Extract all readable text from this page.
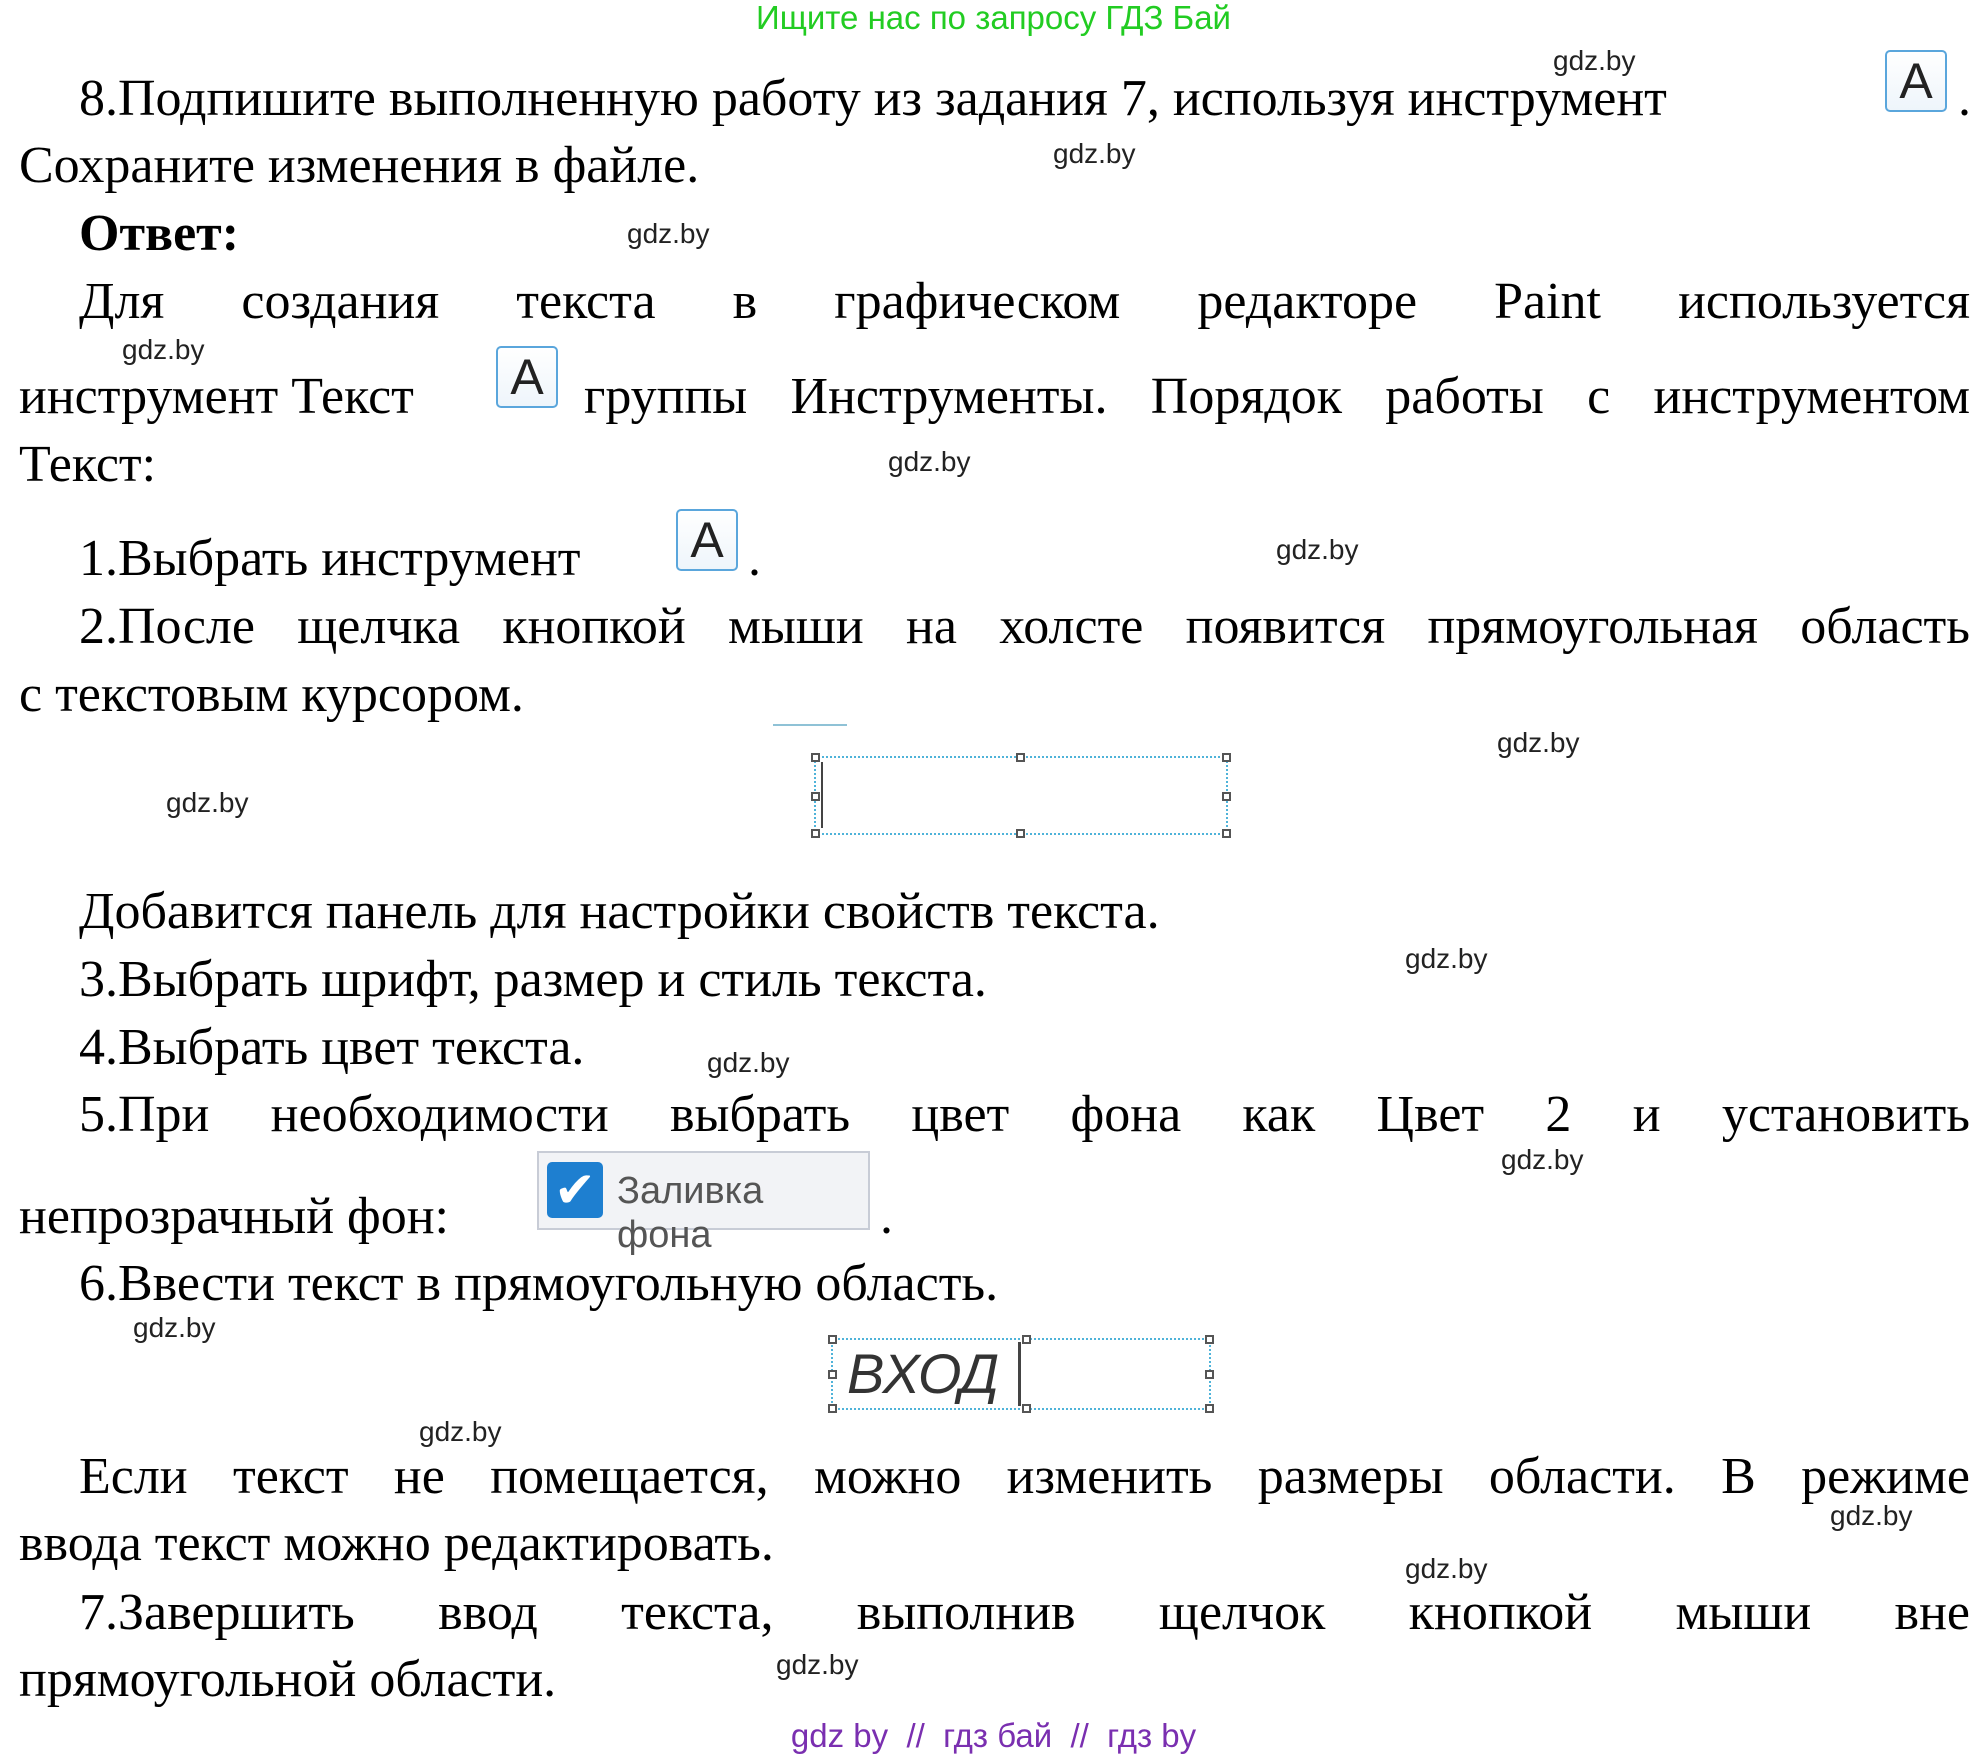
Ищите нас по запросу ГДЗ Бай
8.Подпишите выполненную работу из задания 7, используя инструмент	A .
Сохраните изменения в файле.
Ответ:
Для создания текста в графическом редакторе Paint используется
инструмент Текст A группы Инструменты. Порядок работы с инструментом
Текст:
1.Выбрать инструмент A .
2.После щелчка кнопкой мыши на холсте появится прямоугольная область
с текстовым курсором.
Добавится панель для настройки свойств текста.
3.Выбрать шрифт, размер и стиль текста.
4.Выбрать цвет текста.
5.При необходимости выбрать цвет фона как Цвет 2 и установить
непрозрачный фон: ✔ Заливка фона	.
6.Ввести текст в прямоугольную область.
ВХОД
Если текст не помещается, можно изменить размеры области. В режиме
ввода текст можно редактировать.
7.Завершить ввод текста, выполнив щелчок кнопкой мыши вне
прямоугольной области.
gdz.by
gdz.by
gdz.by
gdz.by
gdz.by
gdz.by
gdz.by
gdz.by
gdz.by
gdz.by
gdz.by
gdz.by
gdz.by
gdz.by
gdz.by
gdz.by
gdz by  //  гдз бай  //  гдз by
